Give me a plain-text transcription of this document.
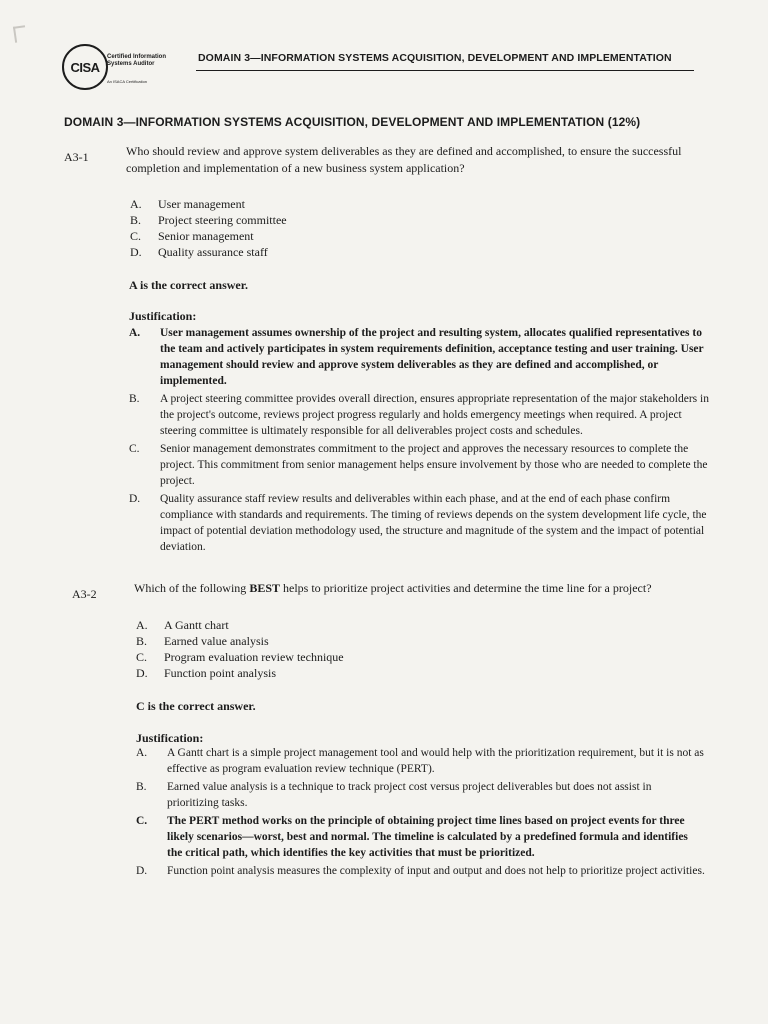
CISA
Certified Information Systems Auditor
An ISACA Certification
DOMAIN 3—INFORMATION SYSTEMS ACQUISITION, DEVELOPMENT AND IMPLEMENTATION
DOMAIN 3—INFORMATION SYSTEMS ACQUISITION, DEVELOPMENT AND IMPLEMENTATION (12%)
A3-1	Who should review and approve system deliverables as they are defined and accomplished, to ensure the successful completion and implementation of a new business system application?
A.	User management
B.	Project steering committee
C.	Senior management
D.	Quality assurance staff
A is the correct answer.
Justification:
A.	User management assumes ownership of the project and resulting system, allocates qualified representatives to the team and actively participates in system requirements definition, acceptance testing and user training. User management should review and approve system deliverables as they are defined and accomplished, or implemented.
B.	A project steering committee provides overall direction, ensures appropriate representation of the major stakeholders in the project's outcome, reviews project progress regularly and holds emergency meetings when required. A project steering committee is ultimately responsible for all deliverables project costs and schedules.
C.	Senior management demonstrates commitment to the project and approves the necessary resources to complete the project. This commitment from senior management helps ensure involvement by those who are needed to complete the project.
D.	Quality assurance staff review results and deliverables within each phase, and at the end of each phase confirm compliance with standards and requirements. The timing of reviews depends on the system development life cycle, the impact of potential deviation methodology used, the structure and magnitude of the system and the impact of potential deviation.
A3-2	Which of the following BEST helps to prioritize project activities and determine the time line for a project?
A.	A Gantt chart
B.	Earned value analysis
C.	Program evaluation review technique
D.	Function point analysis
C is the correct answer.
Justification:
A.	A Gantt chart is a simple project management tool and would help with the prioritization requirement, but it is not as effective as program evaluation review technique (PERT).
B.	Earned value analysis is a technique to track project cost versus project deliverables but does not assist in prioritizing tasks.
C.	The PERT method works on the principle of obtaining project time lines based on project events for three likely scenarios—worst, best and normal. The timeline is calculated by a predefined formula and identifies the critical path, which identifies the key activities that must be prioritized.
D.	Function point analysis measures the complexity of input and output and does not help to prioritize project activities.
